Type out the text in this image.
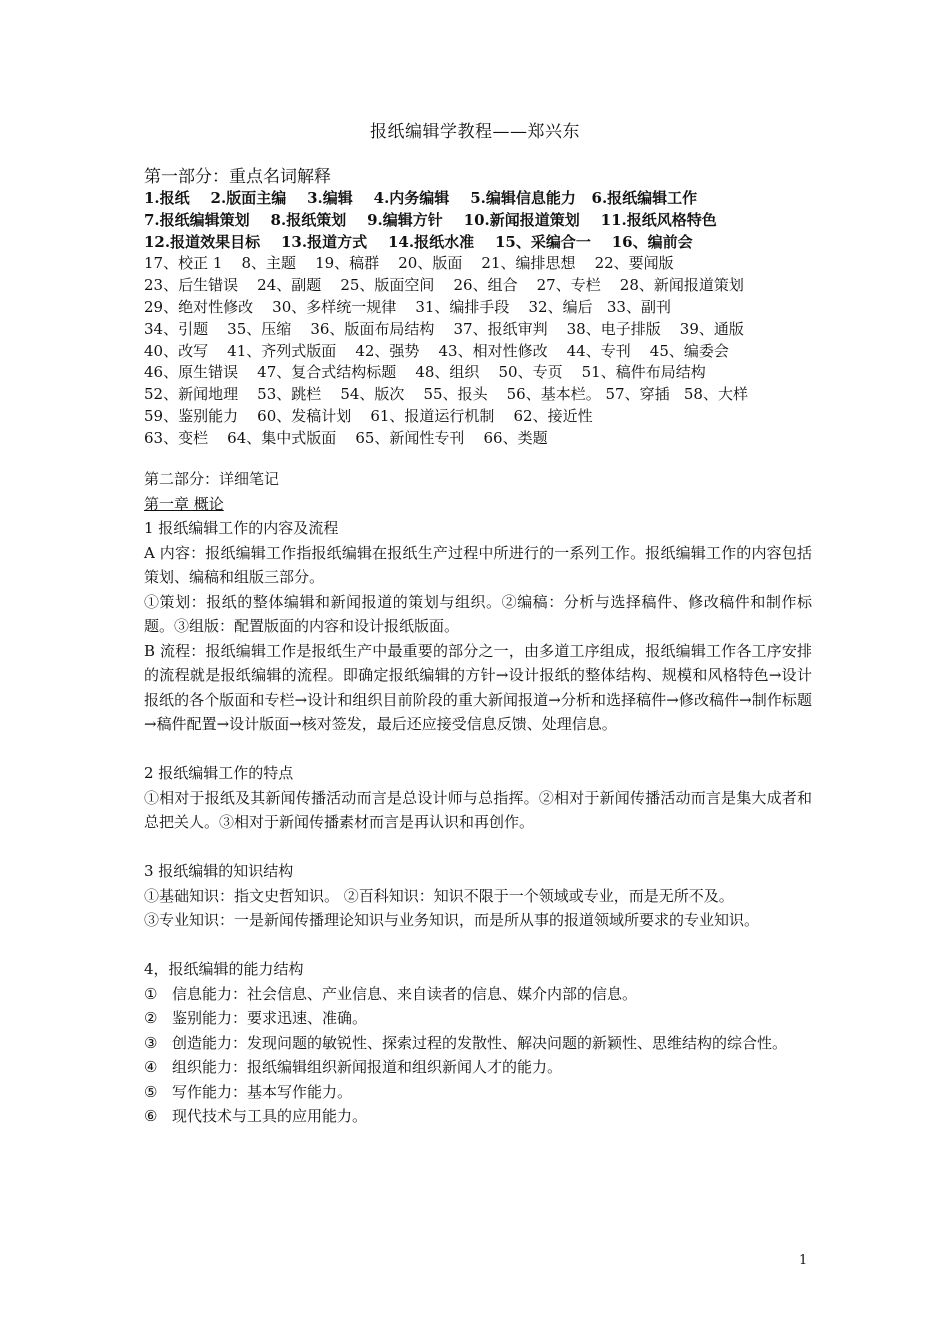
报纸编辑学教程——郑兴东
第一部分：重点名词解释
1.报纸    2.版面主编    3.编辑    4.内务编辑    5.编辑信息能力   6.报纸编辑工作
7.报纸编辑策划    8.报纸策划    9.编辑方针    10.新闻报道策划    11.报纸风格特色
12.报道效果目标    13.报道方式    14.报纸水准    15、采编合一    16、编前会
17、校正 1    8、主题    19、稿群    20、版面    21、编排思想    22、要闻版
23、后生错误    24、副题    25、版面空间    26、组合    27、专栏    28、新闻报道策划
29、绝对性修改    30、多样统一规律    31、编排手段    32、编后   33、副刊
34、引题    35、压缩    36、版面布局结构    37、报纸审判    38、电子排版    39、通版
40、改写    41、齐列式版面    42、强势    43、相对性修改    44、专刊    45、编委会
46、原生错误    47、复合式结构标题    48、组织    50、专页    51、稿件布局结构
52、新闻地理    53、跳栏    54、版次    55、报头    56、基本栏。 57、穿插   58、大样
59、鉴别能力    60、发稿计划    61、报道运行机制    62、接近性
63、变栏    64、集中式版面    65、新闻性专刊    66、类题
第二部分：详细笔记
第一章 概论
1 报纸编辑工作的内容及流程
A 内容：报纸编辑工作指报纸编辑在报纸生产过程中所进行的一系列工作。报纸编辑工作的内容包括策划、编稿和组版三部分。
①策划：报纸的整体编辑和新闻报道的策划与组织。②编稿：分析与选择稿件、修改稿件和制作标题。③组版：配置版面的内容和设计报纸版面。
B 流程：报纸编辑工作是报纸生产中最重要的部分之一，由多道工序组成，报纸编辑工作各工序安排的流程就是报纸编辑的流程。即确定报纸编辑的方针→设计报纸的整体结构、规模和风格特色→设计报纸的各个版面和专栏→设计和组织目前阶段的重大新闻报道→分析和选择稿件→修改稿件→制作标题→稿件配置→设计版面→核对签发，最后还应接受信息反馈、处理信息。
2 报纸编辑工作的特点
①相对于报纸及其新闻传播活动而言是总设计师与总指挥。②相对于新闻传播活动而言是集大成者和总把关人。③相对于新闻传播素材而言是再认识和再创作。
3 报纸编辑的知识结构
①基础知识：指文史哲知识。 ②百科知识：知识不限于一个领域或专业，而是无所不及。
③专业知识：一是新闻传播理论知识与业务知识，而是所从事的报道领域所要求的专业知识。
4，报纸编辑的能力结构
① 信息能力：社会信息、产业信息、来自读者的信息、媒介内部的信息。
② 鉴别能力：要求迅速、准确。
③ 创造能力：发现问题的敏锐性、探索过程的发散性、解决问题的新颖性、思维结构的综合性。
④ 组织能力：报纸编辑组织新闻报道和组织新闻人才的能力。
⑤ 写作能力：基本写作能力。
⑥ 现代技术与工具的应用能力。
1
